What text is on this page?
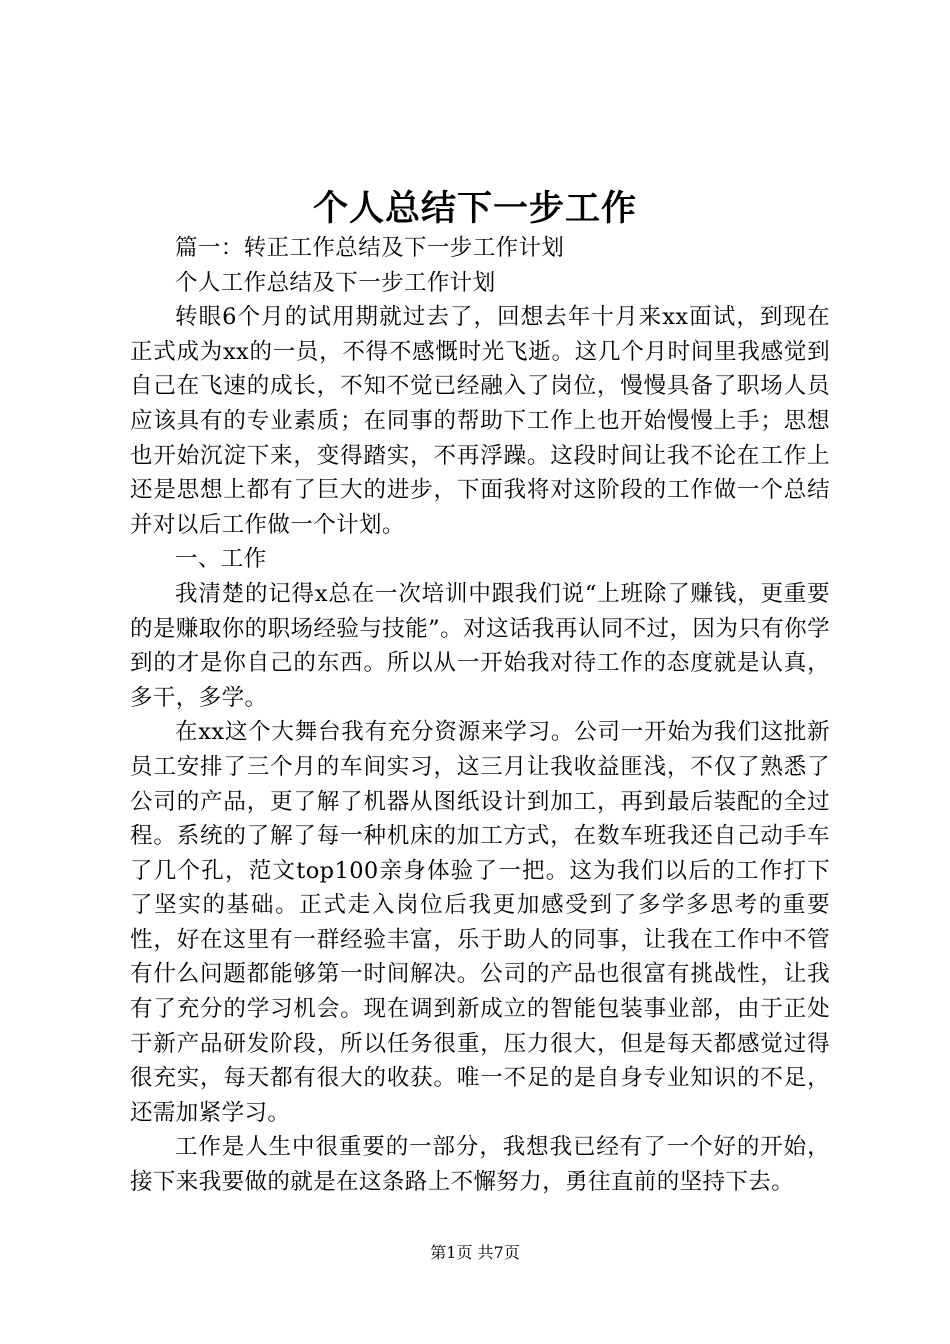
个人总结下一步工作

篇一：转正工作总结及下一步工作计划

个人工作总结及下一步工作计划

转眼6个月的试用期就过去了，回想去年十月来xx面试，到现在正式成为xx的一员，不得不感慨时光飞逝。这几个月时间里我感觉到自己在飞速的成长，不知不觉已经融入了岗位，慢慢具备了职场人员应该具有的专业素质；在同事的帮助下工作上也开始慢慢上手；思想也开始沉淀下来，变得踏实，不再浮躁。这段时间让我不论在工作上还是思想上都有了巨大的进步，下面我将对这阶段的工作做一个总结并对以后工作做一个计划。

一、工作

我清楚的记得x总在一次培训中跟我们说“上班除了赚钱，更重要的是赚取你的职场经验与技能”。对这话我再认同不过，因为只有你学到的才是你自己的东西。所以从一开始我对待工作的态度就是认真，多干，多学。

在xx这个大舞台我有充分资源来学习。公司一开始为我们这批新员工安排了三个月的车间实习，这三月让我收益匪浅，不仅了熟悉了公司的产品，更了解了机器从图纸设计到加工，再到最后装配的全过程。系统的了解了每一种机床的加工方式，在数车班我还自己动手车了几个孔，范文top100亲身体验了一把。这为我们以后的工作打下了坚实的基础。正式走入岗位后我更加感受到了多学多思考的重要性，好在这里有一群经验丰富，乐于助人的同事，让我在工作中不管有什么问题都能够第一时间解决。公司的产品也很富有挑战性，让我有了充分的学习机会。现在调到新成立的智能包装事业部，由于正处于新产品研发阶段，所以任务很重，压力很大，但是每天都感觉过得很充实，每天都有很大的收获。唯一不足的是自身专业知识的不足，还需加紧学习。

工作是人生中很重要的一部分，我想我已经有了一个好的开始，接下来我要做的就是在这条路上不懈努力，勇往直前的坚持下去。

第1页 共7页
